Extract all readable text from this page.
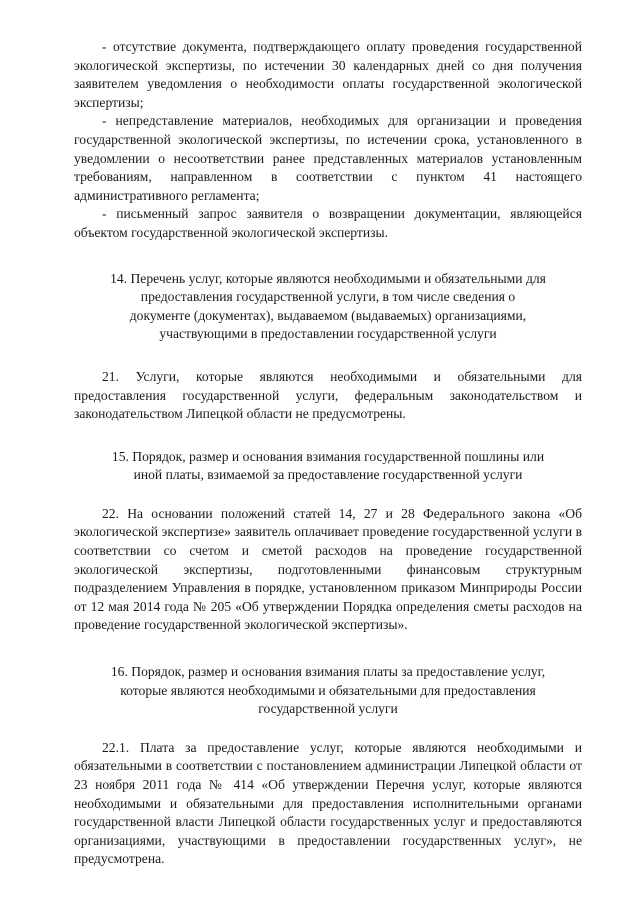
- отсутствие документа, подтверждающего оплату проведения государственной экологической экспертизы, по истечении 30 календарных дней со дня получения заявителем уведомления о необходимости оплаты государственной экологической экспертизы;

- непредставление материалов, необходимых для организации и проведения государственной экологической экспертизы, по истечении срока, установленного в уведомлении о несоответствии ранее представленных материалов установленным требованиям, направленном в соответствии с пунктом 41 настоящего административного регламента;

- письменный запрос заявителя о возвращении документации, являющейся объектом государственной экологической экспертизы.

14. Перечень услуг, которые являются необходимыми и обязательными для предоставления государственной услуги, в том числе сведения о документе (документах), выдаваемом (выдаваемых) организациями, участвующими в предоставлении государственной услуги

21. Услуги, которые являются необходимыми и обязательными для предоставления государственной услуги, федеральным законодательством и законодательством Липецкой области не предусмотрены.

15. Порядок, размер и основания взимания государственной пошлины или иной платы, взимаемой за предоставление государственной услуги

22. На основании положений статей 14, 27 и 28 Федерального закона «Об экологической экспертизе» заявитель оплачивает проведение государственной услуги в соответствии со счетом и сметой расходов на проведение государственной экологической экспертизы, подготовленными финансовым структурным подразделением Управления в порядке, установленном приказом Минприроды России от 12 мая 2014 года № 205 «Об утверждении Порядка определения сметы расходов на проведение государственной экологической экспертизы».

16. Порядок, размер и основания взимания платы за предоставление услуг, которые являются необходимыми и обязательными для предоставления государственной услуги

22.1. Плата за предоставление услуг, которые являются необходимыми и обязательными в соответствии с постановлением администрации Липецкой области от 23 ноября 2011 года № 414 «Об утверждении Перечня услуг, которые являются необходимыми и обязательными для предоставления исполнительными органами государственной власти Липецкой области государственных услуг и предоставляются организациями, участвующими в предоставлении государственных услуг», не предусмотрена.
